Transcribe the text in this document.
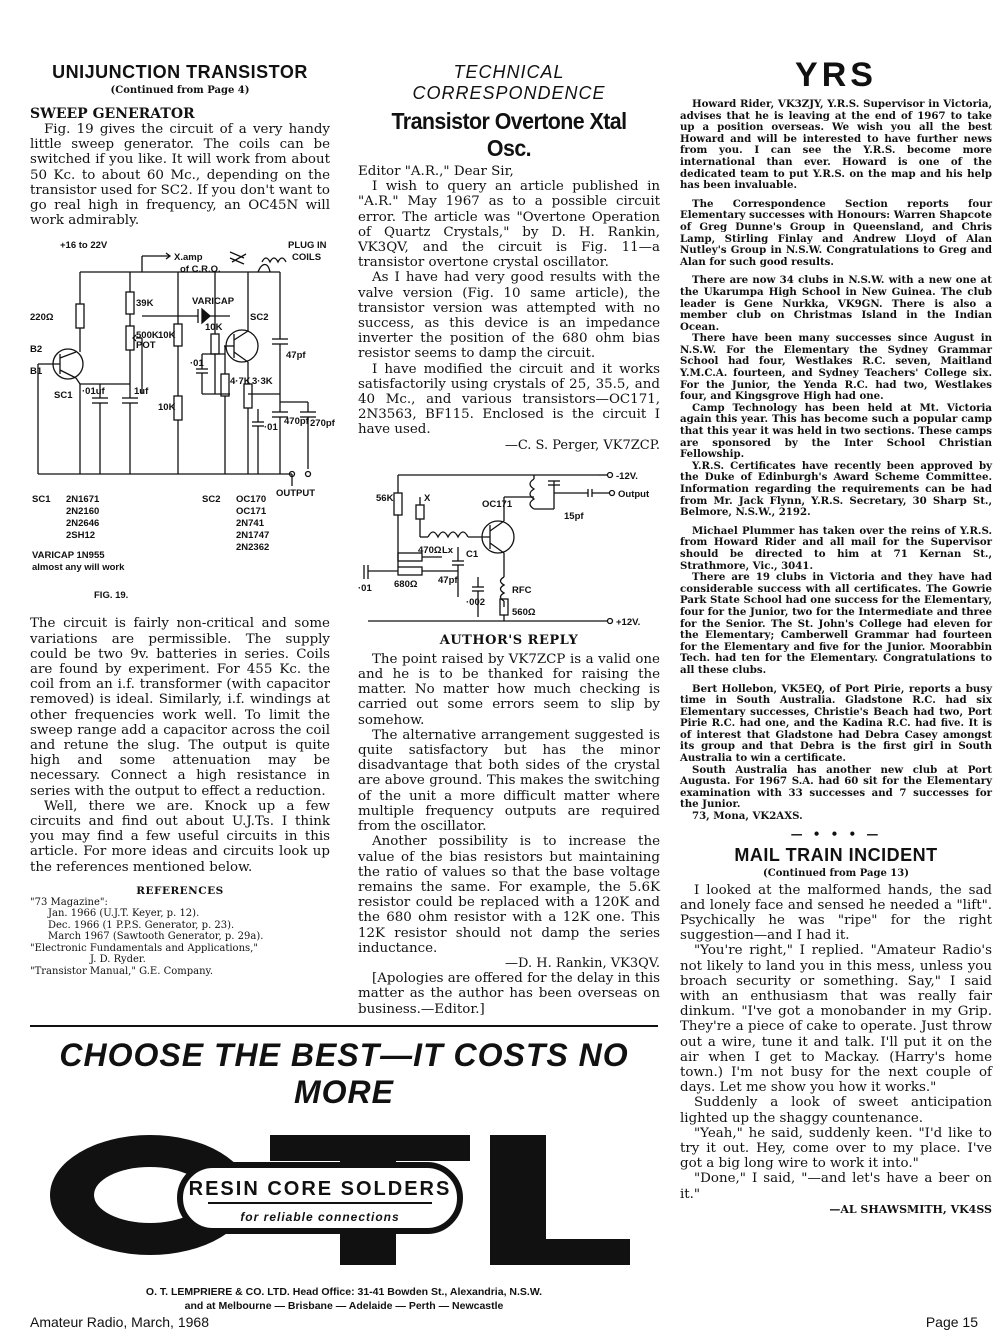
UNIJUNCTION TRANSISTOR
(Continued from Page 4)
SWEEP GENERATOR

Fig. 19 gives the circuit of a very handy little sweep generator. The coils can be switched if you like. It will work from about 50 Kc. to about 60 Mc., depending on the transistor used for SC2. If you don't want to go real high in frequency, an OC45N will work admirably.

+16 to 22V
X.amp
of C.R.O.
PLUG IN
COILS
VARICAP
39K
500K
POT
220Ω
B2
B1
SC1 ·01uf	1uf
10K
10K
10K
·01
4·7K 3·3K
·01
SC2
47pf
470pf 270pf
OUTPUT
SC1 2N1671
2N2160
2N2646
2SH12
SC2 OC170
OC171
2N741
2N1747
2N2362
VARICAP 1N955
almost any will work
FIG. 19.

The circuit is fairly non-critical and some variations are permissible. The supply could be two 9v. batteries in series. Coils are found by experiment. For 455 Kc. the coil from an i.f. transformer (with capacitor removed) is ideal. Similarly, i.f. windings at other frequencies work well. To limit the sweep range add a capacitor across the coil and retune the slug. The output is quite high and some attenuation may be necessary. Connect a high resistance in series with the output to effect a reduction.

Well, there we are. Knock up a few circuits and find out about U.J.Ts. I think you may find a few useful circuits in this article. For more ideas and circuits look up the references mentioned below.

REFERENCES
"73 Magazine":
Jan. 1966 (U.J.T. Keyer, p. 12).
Dec. 1966 (1 P.P.S. Generator, p. 23).
March 1967 (Sawtooth Generator, p. 29a).
"Electronic Fundamentals and Applications,"
J. D. Ryder.
"Transistor Manual," G.E. Company.
TECHNICAL CORRESPONDENCE
Transistor Overtone Xtal Osc.

Editor "A.R.," Dear Sir,

I wish to query an article published in "A.R." May 1967 as to a possible circuit error. The article was "Overtone Operation of Quartz Crystals," by D. H. Rankin, VK3QV, and the circuit is Fig. 11—a transistor overtone crystal oscillator.

As I have had very good results with the valve version (Fig. 10 same article), the transistor version was attempted with no success, as this device is an impedance inverter the position of the 680 ohm bias resistor seems to damp the circuit.

I have modified the circuit and it works satisfactorily using crystals of 25, 35.5, and 40 Mc., and various transistors—OC171, 2N3563, BF115. Enclosed is the circuit I have used.

—C. S. Perger, VK7ZCP.
-12V.
Output
56K	X
OC171
15pf
Lx C1
470Ω
680Ω
·01
47pf
·002
RFC
560Ω
+12V.
AUTHOR'S REPLY

The point raised by VK7ZCP is a valid one and he is to be thanked for raising the matter. No matter how much checking is carried out some errors seem to slip by somehow.

The alternative arrangement suggested is quite satisfactory but has the minor disadvantage that both sides of the crystal are above ground. This makes the switching of the unit a more difficult matter where multiple frequency outputs are required from the oscillator.

Another possibility is to increase the value of the bias resistors but maintaining the ratio of values so that the base voltage remains the same. For example, the 5.6K resistor could be replaced with a 120K and the 680 ohm resistor with a 12K one. This 12K resistor should not damp the series inductance.

—D. H. Rankin, VK3QV.

[Apologies are offered for the delay in this matter as the author has been overseas on business.—Editor.]

YRS

Howard Rider, VK3ZJY, Y.R.S. Supervisor in Victoria, advises that he is leaving at the end of 1967 to take up a position overseas. We wish you all the best Howard and will be interested to have further news from you. I can see the Y.R.S. become more international than ever. Howard is one of the dedicated team to put Y.R.S. on the map and his help has been invaluable.

The Correspondence Section reports four Elementary successes with Honours: Warren Shapcote of Greg Dunne's Group in Queensland, and Chris Lamp, Stirling Finlay and Andrew Lloyd of Alan Nutley's Group in N.S.W. Congratulations to Greg and Alan for such good results.

There are now 34 clubs in N.S.W. with a new one at the Ukarumpa High School in New Guinea. The club leader is Gene Nurkka, VK9GN. There is also a member club on Christmas Island in the Indian Ocean.

There have been many successes since August in N.S.W. For the Elementary the Sydney Grammar School had four, Westlakes R.C. seven, Maitland Y.M.C.A. fourteen, and Sydney Teachers' College six. For the Junior, the Yenda R.C. had two, Westlakes four, and Kingsgrove High had one.

Camp Technology has been held at Mt. Victoria again this year. This has become such a popular camp that this year it was held in two sections. These camps are sponsored by the Inter School Christian Fellowship.

Y.R.S. Certificates have recently been approved by the Duke of Edinburgh's Award Scheme Committee. Information regarding the requirements can be had from Mr. Jack Flynn, Y.R.S. Secretary, 30 Sharp St., Belmore, N.S.W., 2192.

Michael Plummer has taken over the reins of Y.R.S. from Howard Rider and all mail for the Supervisor should be directed to him at 71 Kernan St., Strathmore, Vic., 3041.

There are 19 clubs in Victoria and they have had considerable success with all certificates. The Gowrie Park State School had one success for the Elementary, four for the Junior, two for the Intermediate and three for the Senior. The St. John's College had eleven for the Elementary; Camberwell Grammar had fourteen for the Elementary and five for the Junior. Moorabbin Tech. had ten for the Elementary. Congratulations to all these clubs.

Bert Hollebon, VK5EQ, of Port Pirie, reports a busy time in South Australia. Gladstone R.C. had six Elementary successes, Christie's Beach had two, Port Pirie R.C. had one, and the Kadina R.C. had five. It is of interest that Gladstone had Debra Casey amongst its group and that Debra is the first girl in South Australia to win a certificate.

South Australia has another new club at Port Augusta. For 1967 S.A. had 60 sit for the Elementary examination with 33 successes and 7 successes for the Junior.

73, Mona, VK2AXS.

— • • • —
MAIL TRAIN INCIDENT
(Continued from Page 13)

I looked at the malformed hands, the sad and lonely face and sensed he needed a "lift". Psychically he was "ripe" for the right suggestion—and I had it.

"You're right," I replied. "Amateur Radio's not likely to land you in this mess, unless you broach security or something. Say," I said with an enthusiasm that was really fair dinkum. "I've got a monobander in my Grip. They're a piece of cake to operate. Just throw out a wire, tune it and talk. I'll put it on the air when I get to Mackay. (Harry's home town.) I'm not busy for the next couple of days. Let me show you how it works."

Suddenly a look of sweet anticipation lighted up the shaggy countenance.

"Yeah," he said, suddenly keen. "I'd like to try it out. Hey, come over to my place. I've got a big long wire to work it into."

"Done," I said, "—and let's have a beer on it."

—AL SHAWSMITH, VK4SS
CHOOSE THE BEST—IT COSTS NO MORE
RESIN CORE SOLDERS
for reliable connections
O. T. LEMPRIERE & CO. LTD. Head Office: 31-41 Bowden St., Alexandria, N.S.W.
and at Melbourne — Brisbane — Adelaide — Perth — Newcastle
Amateur Radio, March, 1968	Page 15
